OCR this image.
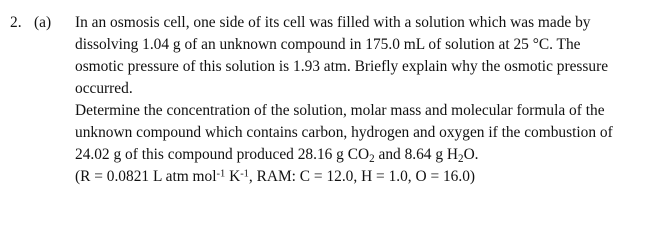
2. (a) In an osmosis cell, one side of its cell was filled with a solution which was made by
dissolving 1.04 g of an unknown compound in 175.0 mL of solution at 25 °C. The
osmotic pressure of this solution is 1.93 atm. Briefly explain why the osmotic pressure
occurred.
Determine the concentration of the solution, molar mass and molecular formula of the
unknown compound which contains carbon, hydrogen and oxygen if the combustion of
24.02 g of this compound produced 28.16 g $CO_2$ and 8.64 g $H_2O$.
(R = 0.0821 L atm mol$^{-1}$ $K^{-1}$, RAM: C = 12.0, H = 1.0, O = 16.0)
